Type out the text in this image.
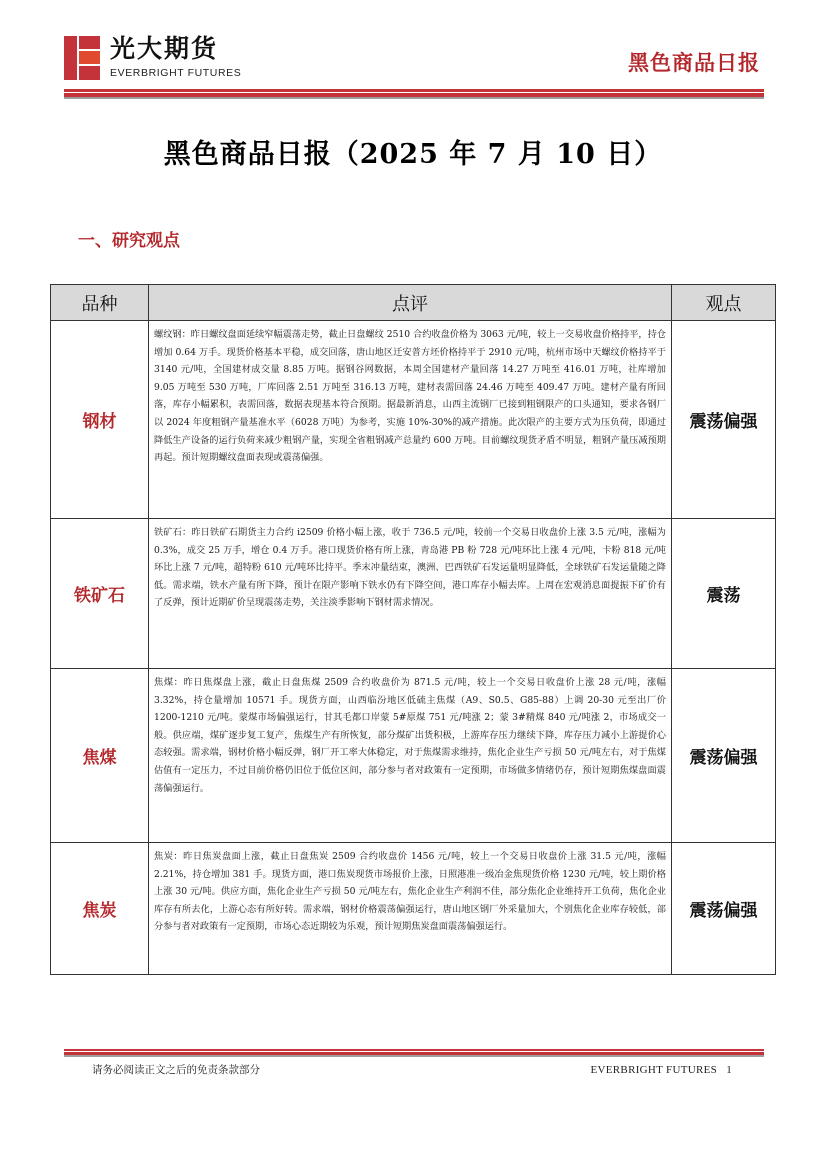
光大期货
EVERBRIGHT FUTURES	黑色商品日报
黑色商品日报（2025 年 7 月 10 日）
一、研究观点
品种	点评	观点
钢材	螺纹钢：昨日螺纹盘面延续窄幅震荡走势，截止日盘螺纹 2510 合约收盘价格为 3063 元/吨，较上一交易收盘价格持平，持仓增加 0.64 万手。现货价格基本平稳，成交回落，唐山地区迁安普方坯价格持平于 2910 元/吨，杭州市场中天螺纹价格持平于 3140 元/吨，全国建材成交量 8.85 万吨。据钢谷网数据，本周全国建材产量回落 14.27 万吨至 416.01 万吨，社库增加 9.05 万吨至 530 万吨，厂库回落 2.51 万吨至 316.13 万吨，建材表需回落 24.46 万吨至 409.47 万吨。建材产量有所回落，库存小幅累积，表需回落，数据表现基本符合预期。据最新消息，山西主流钢厂已接到粗钢限产的口头通知，要求各钢厂以 2024 年度粗钢产量基准水平（6028 万吨）为参考，实施 10%-30%的减产措施。此次限产的主要方式为压负荷，即通过降低生产设备的运行负荷来减少粗钢产量，实现全省粗钢减产总量约 600 万吨。目前螺纹现货矛盾不明显，粗钢产量压减预期再起。预计短期螺纹盘面表现或震荡偏强。	震荡偏强
铁矿石	铁矿石：昨日铁矿石期货主力合约 i2509 价格小幅上涨，收于 736.5 元/吨，较前一个交易日收盘价上涨 3.5 元/吨，涨幅为 0.3%，成交 25 万手，增仓 0.4 万手。港口现货价格有所上涨，青岛港 PB 粉 728 元/吨环比上涨 4 元/吨，卡粉 818 元/吨环比上涨 7 元/吨，超特粉 610 元/吨环比持平。季末冲量结束，澳洲、巴西铁矿石发运量明显降低，全球铁矿石发运量随之降低。需求端，铁水产量有所下降，预计在限产影响下铁水仍有下降空间，港口库存小幅去库。上周在宏观消息面提振下矿价有了反弹，预计近期矿价呈现震荡走势，关注淡季影响下钢材需求情况。	震荡
焦煤	焦煤：昨日焦煤盘上涨，截止日盘焦煤 2509 合约收盘价为 871.5 元/吨，较上一个交易日收盘价上涨 28 元/吨，涨幅 3.32%，持仓量增加 10571 手。现货方面，山西临汾地区低硫主焦煤（A9、S0.5、G85-88）上调 20-30 元至出厂价 1200-1210 元/吨。蒙煤市场偏强运行，甘其毛都口岸蒙 5#原煤 751 元/吨涨 2；蒙 3#精煤 840 元/吨涨 2，市场成交一般。供应端，煤矿逐步复工复产，焦煤生产有所恢复，部分煤矿出货积极，上游库存压力继续下降，库存压力减小上游提价心态较强。需求端，钢材价格小幅反弹，钢厂开工率大体稳定，对于焦煤需求维持，焦化企业生产亏损 50 元/吨左右，对于焦煤估值有一定压力，不过目前价格仍旧位于低位区间，部分参与者对政策有一定预期，市场做多情绪仍存，预计短期焦煤盘面震荡偏强运行。	震荡偏强
焦炭	焦炭：昨日焦炭盘面上涨，截止日盘焦炭 2509 合约收盘价 1456 元/吨，较上一个交易日收盘价上涨 31.5 元/吨，涨幅 2.21%，持仓增加 381 手。现货方面，港口焦炭现货市场报价上涨，日照港准一级冶金焦现货价格 1230 元/吨，较上期价格上涨 30 元/吨。供应方面，焦化企业生产亏损 50 元/吨左右，焦化企业生产利润不佳，部分焦化企业维持开工负荷，焦化企业库存有所去化，上游心态有所好转。需求端，钢材价格震荡偏强运行，唐山地区钢厂外采量加大，个别焦化企业库存较低，部分参与者对政策有一定预期，市场心态近期较为乐观，预计短期焦炭盘面震荡偏强运行。	震荡偏强
请务必阅读正文之后的免责条款部分	EVERBRIGHT FUTURES 1
